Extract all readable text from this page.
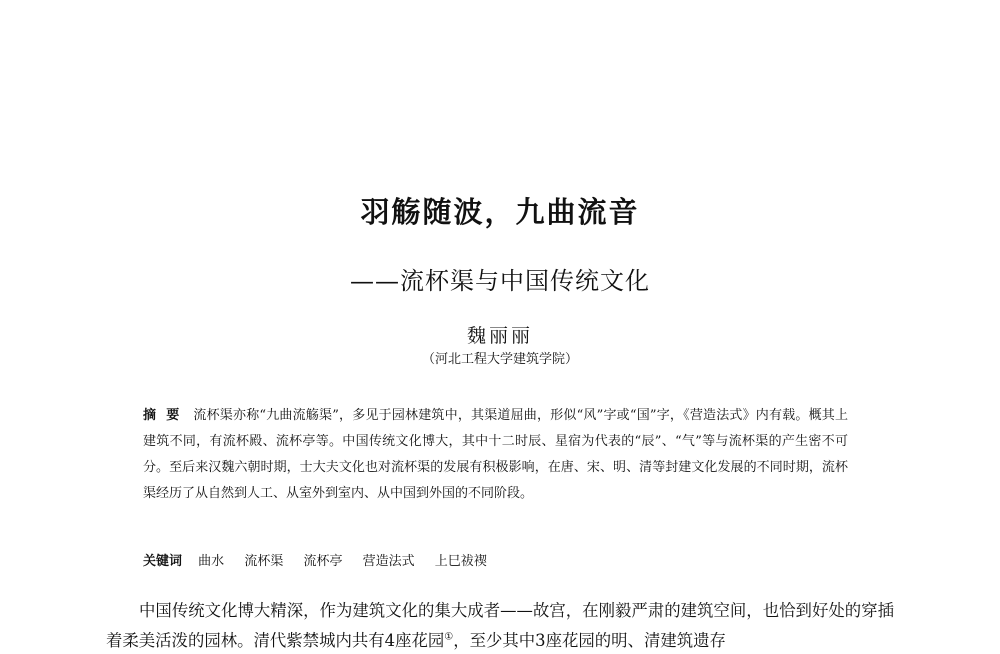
羽觞随波，九曲流音
——流杯渠与中国传统文化
魏丽丽
（河北工程大学建筑学院）
摘要 流杯渠亦称“九曲流觞渠”，多见于园林建筑中，其渠道屈曲，形似“风”字或“国”字，《营造法式》内有载。概其上建筑不同，有流杯殿、流杯亭等。中国传统文化博大，其中十二时辰、星宿为代表的“辰”、“气”等与流杯渠的产生密不可分。至后来汉魏六朝时期，士大夫文化也对流杯渠的发展有积极影响，在唐、宋、明、清等封建文化发展的不同时期，流杯渠经历了从自然到人工、从室外到室内、从中国到外国的不同阶段。
关键词 曲水 流杯渠 流杯亭 营造法式 上巳祓禊
中国传统文化博大精深，作为建筑文化的集大成者——故宫，在刚毅严肃的建筑空间，也恰到好处的穿插着柔美活泼的园林。清代紫禁城内共有4座花园①，至少其中3座花园的明、清建筑遗存
